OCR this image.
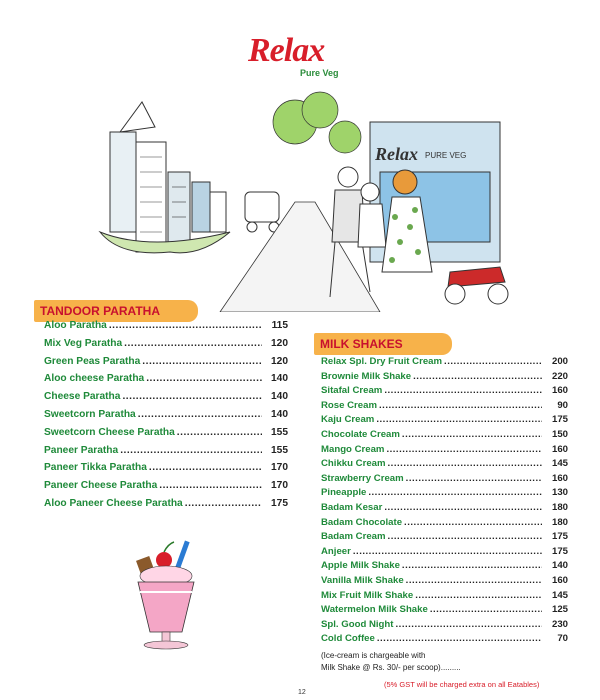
Relax
Pure Veg
Relax PURE VEG
TANDOOR PARATHA
Aloo Paratha .....	115
Mix Veg Paratha .....	120
Green Peas Paratha .....	120
Aloo cheese Paratha .....	140
Cheese Paratha .....	140
Sweetcorn Paratha .....	140
Sweetcorn Cheese Paratha .....	155
Paneer Paratha .....	155
Paneer Tikka Paratha .....	170
Paneer Cheese Paratha .....	170
Aloo Paneer Cheese Paratha .....	175
MILK SHAKES
Relax Spl. Dry Fruit Cream .....	200
Brownie Milk Shake .....	220
Sitafal Cream .....	160
Rose Cream .....	90
Kaju Cream .....	175
Chocolate Cream .....	150
Mango Cream .....	160
Chikku Cream .....	145
Strawberry Cream .....	160
Pineapple .....	130
Badam Kesar .....	180
Badam Chocolate .....	180
Badam Cream .....	175
Anjeer .....	175
Apple Milk Shake .....	140
Vanilla Milk Shake .....	160
Mix Fruit Milk Shake .....	145
Watermelon Milk Shake .....	125
Spl. Good Night .....	230
Cold Coffee .....	70
(Ice-cream is chargeable with
Milk Shake @ Rs. 30/- per scoop).........
(5% GST will be charged extra on all Eatables)
12
